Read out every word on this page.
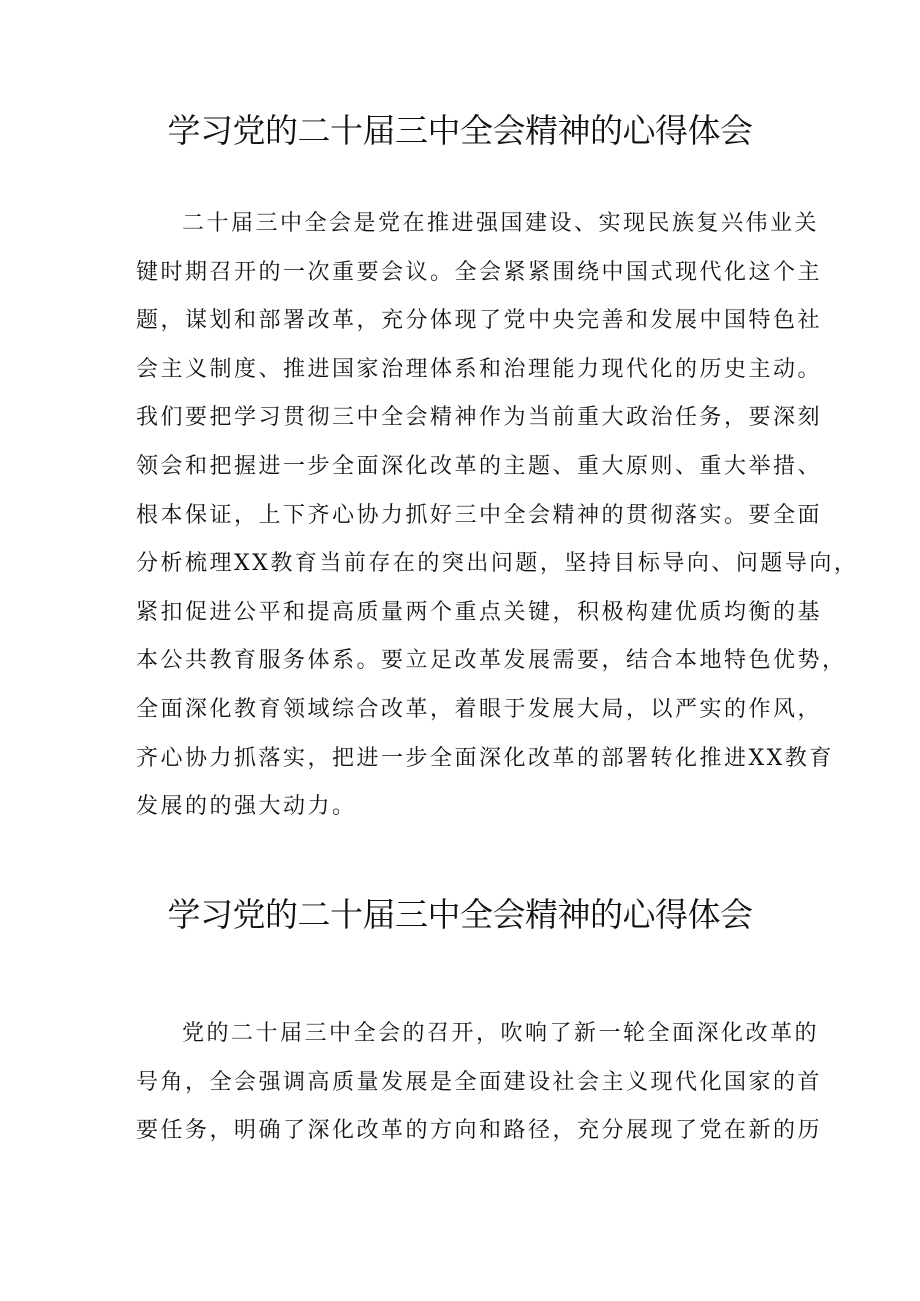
学习党的二十届三中全会精神的心得体会
二十届三中全会是党在推进强国建设、实现民族复兴伟业关
键时期召开的一次重要会议。全会紧紧围绕中国式现代化这个主
题，谋划和部署改革，充分体现了党中央完善和发展中国特色社
会主义制度、推进国家治理体系和治理能力现代化的历史主动。
我们要把学习贯彻三中全会精神作为当前重大政治任务，要深刻
领会和把握进一步全面深化改革的主题、重大原则、重大举措、
根本保证，上下齐心协力抓好三中全会精神的贯彻落实。要全面
分析梳理XX教育当前存在的突出问题，坚持目标导向、问题导向，
紧扣促进公平和提高质量两个重点关键，积极构建优质均衡的基
本公共教育服务体系。要立足改革发展需要，结合本地特色优势，
全面深化教育领域综合改革，着眼于发展大局，以严实的作风，
齐心协力抓落实，把进一步全面深化改革的部署转化推进XX教育
发展的的强大动力。
学习党的二十届三中全会精神的心得体会
党的二十届三中全会的召开，吹响了新一轮全面深化改革的
号角，全会强调高质量发展是全面建设社会主义现代化国家的首
要任务，明确了深化改革的方向和路径，充分展现了党在新的历
